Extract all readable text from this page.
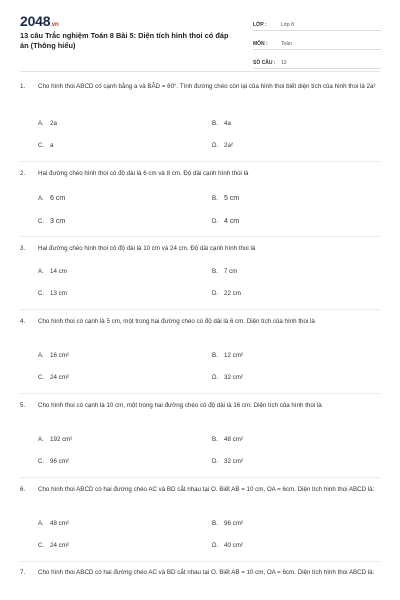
2048.vn
13 câu Trắc nghiệm Toán 8 Bài 5: Diện tích hình thoi có đáp án (Thông hiểu)
LỚP :	Lớp 8
MÔN :	Toán
SỐ CÂU :	13
1.	Cho hình thoi ABCD có cạnh bằng a và BÂD = 60°. Tính đường chéo còn lại của hình thoi biết diện tích của hình thoi là 2a²
A. 2a	B. 4a
C. a	D. 2a²
2.	Hai đường chéo hình thoi có độ dài là 6 cm và 8 cm. Độ dài cạnh hình thoi là
A. 6 cm	B. 5 cm
C. 3 cm	D. 4 cm
3.	Hai đường chéo hình thoi có độ dài là 10 cm và 24 cm. Độ dài cạnh hình thoi là
A. 14 cm	B. 7 cm
C. 13 cm	D. 22 cm
4.	Cho hình thoi có cạnh là 5 cm, một trong hai đường chéo có độ dài là 6 cm. Diện tích của hình thoi là
A. 16 cm²	B. 12 cm²
C. 24 cm²	D. 32 cm²
5.	Cho hình thoi có cạnh là 10 cm, một trong hai đường chéo có độ dài là 16 cm. Diện tích của hình thoi là
A. 192 cm²	B. 48 cm²
C. 96 cm²	D. 32 cm²
6.	Cho hình thoi ABCD có hai đường chéo AC và BD cắt nhau tại O. Biết AB = 10 cm, OA = 6cm. Diện tích hình thoi ABCD là:
A. 48 cm²	B. 96 cm²
C. 24 cm²	D. 40 cm²
7.	Cho hình thoi ABCD có hai đường chéo AC và BD cắt nhau tại O. Biết AB = 10 cm, OA = 6cm. Diện tích hình thoi ABCD là:
